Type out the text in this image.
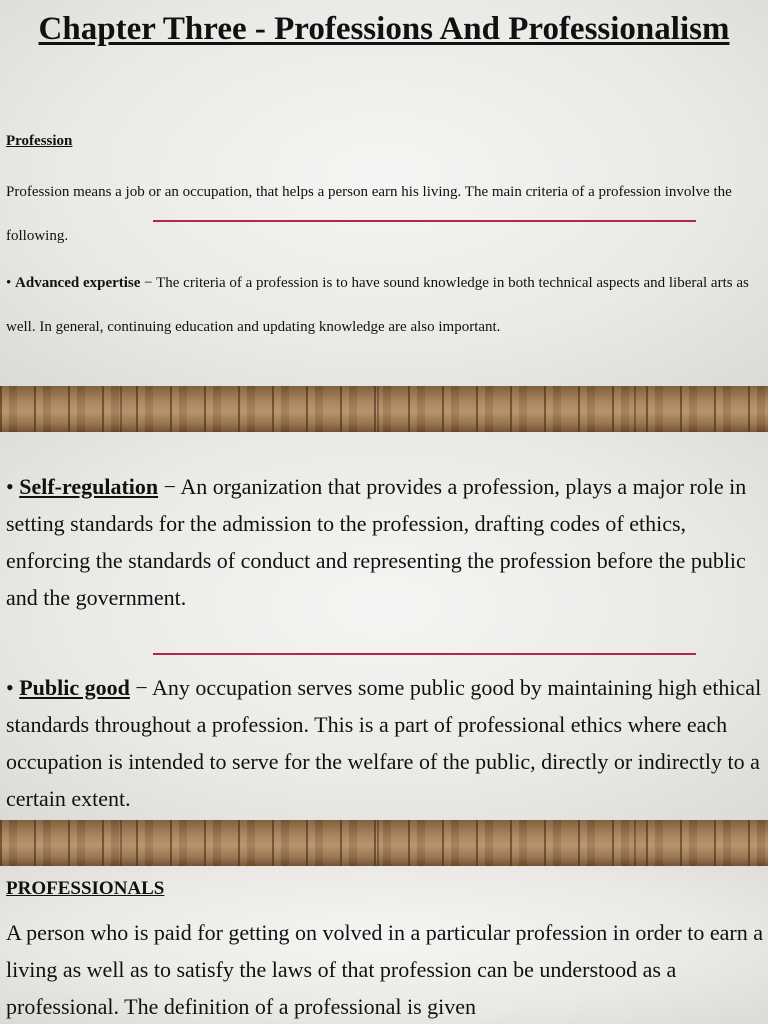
Chapter Three - Professions And Professionalism
Profession

Profession means a job or an occupation, that helps a person earn his living. The main criteria of a profession involve the following.

• Advanced expertise − The criteria of a profession is to have sound knowledge in both technical aspects and liberal arts as well. In general, continuing education and updating knowledge are also important.

• Self-regulation − An organization that provides a profession, plays a major role in setting standards for the admission to the profession, drafting codes of ethics, enforcing the standards of conduct and representing the profession before the public and the government.

• Public good − Any occupation serves some public good by maintaining high ethical standards throughout a profession. This is a part of professional ethics where each occupation is intended to serve for the welfare of the public, directly or indirectly to a certain extent.

PROFESSIONALS

A person who is paid for getting on volved in a particular profession in order to earn a living as well as to satisfy the laws of that profession can be understood as a professional. The definition of a professional is given
